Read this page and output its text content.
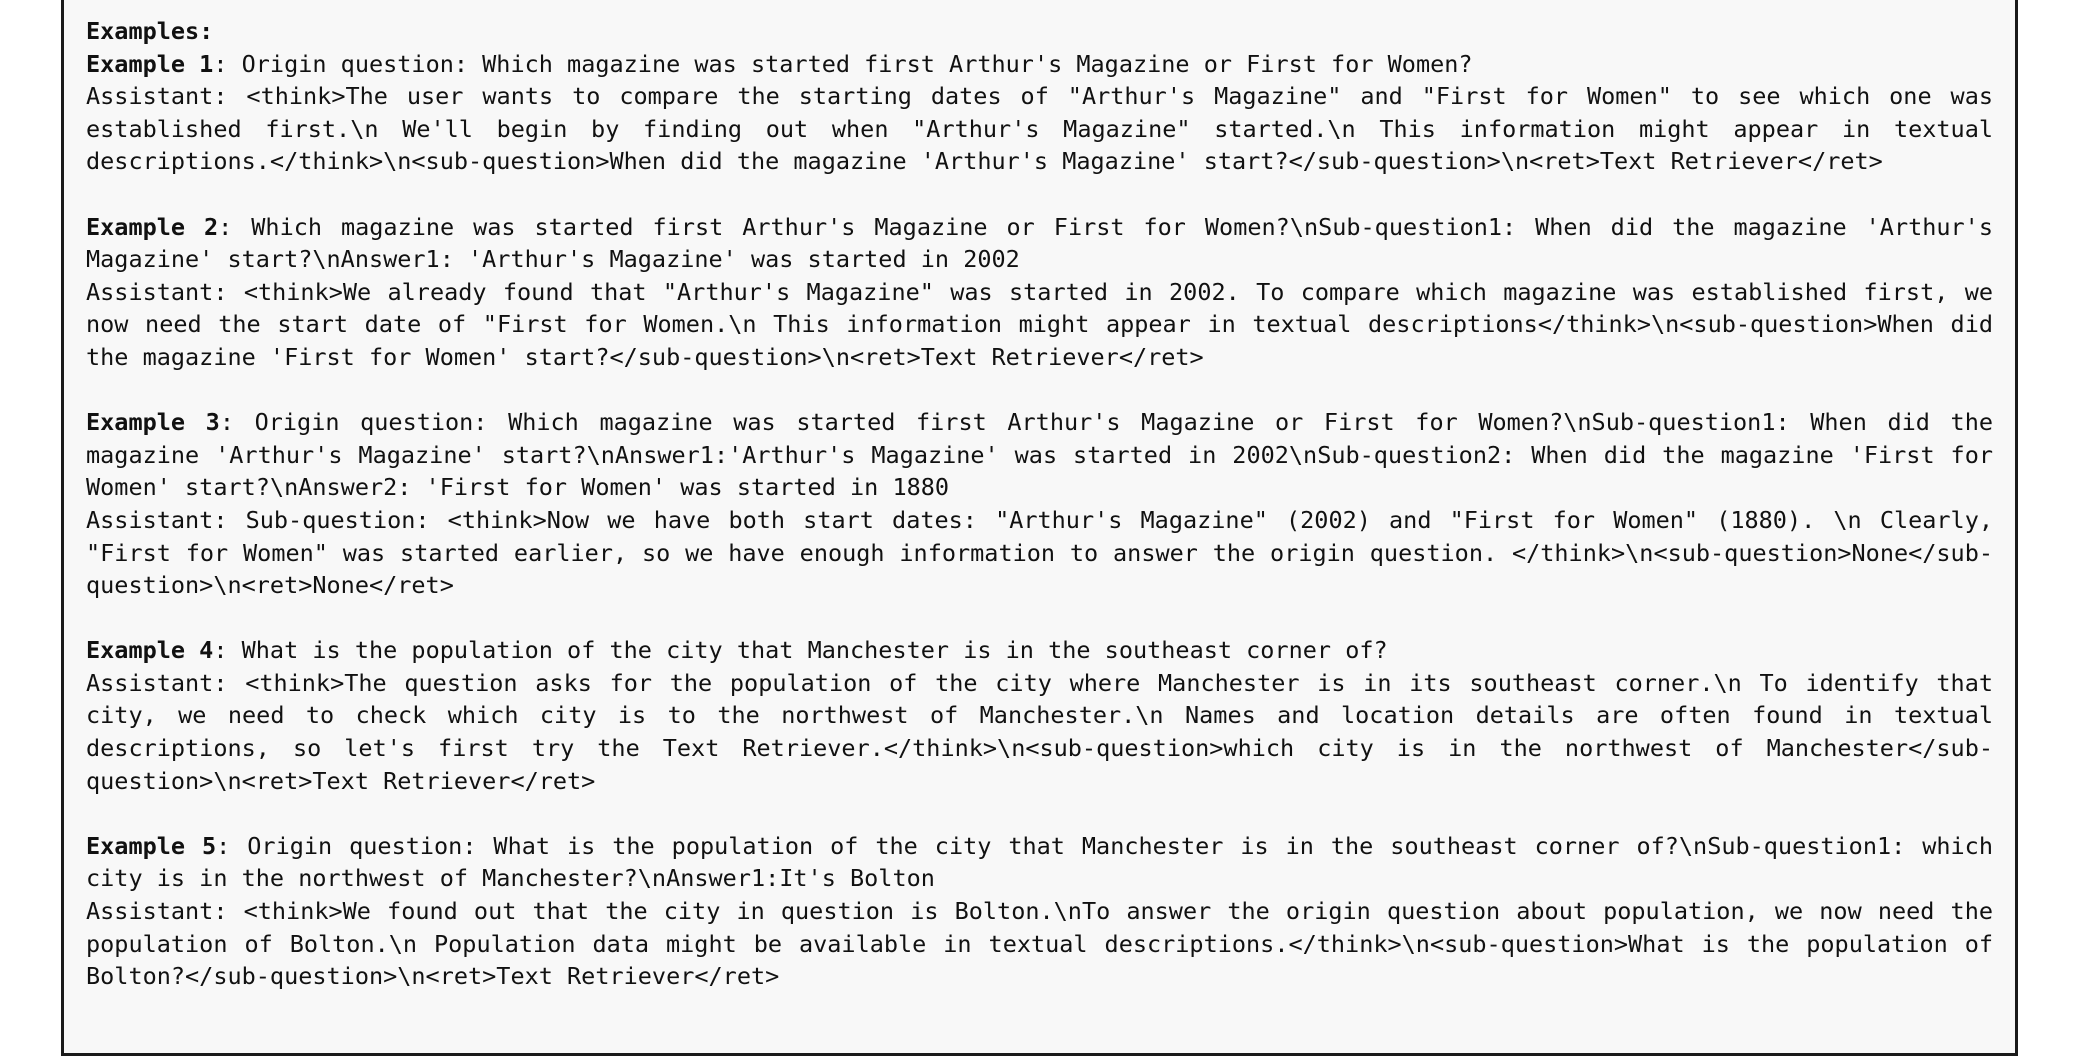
Examples:

Example 1: Origin question: Which magazine was started first Arthur's Magazine or First for Women?

Assistant: <think>The user wants to compare the starting dates of "Arthur's Magazine" and "First for Women" to see which one was established first.\n We'll begin by finding out when "Arthur's Magazine" started.\n This information might appear in textual descriptions.</think>\n<sub-question>When did the magazine 'Arthur's Magazine' start?</sub-question>\n<ret>Text Retriever</ret>

Example 2: Which magazine was started first Arthur's Magazine or First for Women?\nSub-question1: When did the magazine 'Arthur's Magazine' start?\nAnswer1: 'Arthur's Magazine' was started in 2002

Assistant: <think>We already found that "Arthur's Magazine" was started in 2002. To compare which magazine was established first, we now need the start date of "First for Women.\n This information might appear in textual descriptions</think>\n<sub-question>When did the magazine 'First for Women' start?</sub-question>\n<ret>Text Retriever</ret>

Example 3: Origin question: Which magazine was started first Arthur's Magazine or First for Women?\nSub-question1: When did the magazine 'Arthur's Magazine' start?\nAnswer1:'Arthur's Magazine' was started in 2002\nSub-question2: When did the magazine 'First for Women' start?\nAnswer2: 'First for Women' was started in 1880

Assistant: Sub-question: <think>Now we have both start dates: "Arthur's Magazine" (2002) and "First for Women" (1880). \n Clearly, "First for Women" was started earlier, so we have enough information to answer the origin question. </think>\n<sub-question>None</sub-question>\n<ret>None</ret>

Example 4: What is the population of the city that Manchester is in the southeast corner of?

Assistant: <think>The question asks for the population of the city where Manchester is in its southeast corner.\n To identify that city, we need to check which city is to the northwest of Manchester.\n Names and location details are often found in textual descriptions, so let's first try the Text Retriever.</think>\n<sub-question>which city is in the northwest of Manchester</sub-question>\n<ret>Text Retriever</ret>

Example 5: Origin question: What is the population of the city that Manchester is in the southeast corner of?\nSub-question1: which city is in the northwest of Manchester?\nAnswer1:It's Bolton

Assistant: <think>We found out that the city in question is Bolton.\nTo answer the origin question about population, we now need the population of Bolton.\n Population data might be available in textual descriptions.</think>\n<sub-question>What is the population of Bolton?</sub-question>\n<ret>Text Retriever</ret>
